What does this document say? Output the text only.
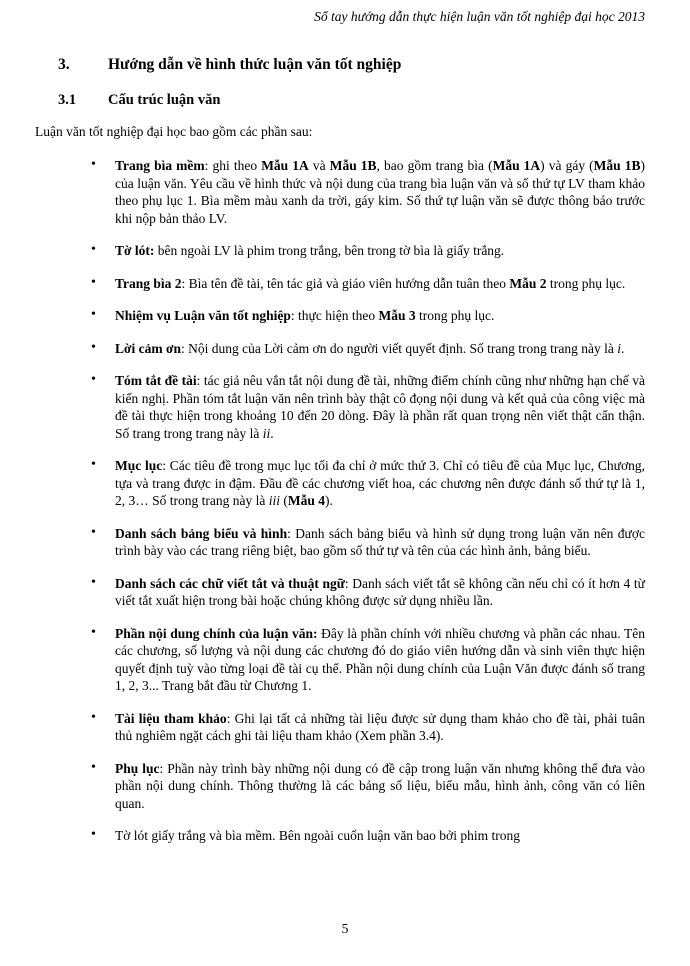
Sổ tay hướng dẫn thực hiện luận văn tốt nghiệp đại học 2013
3.	Hướng dẫn về hình thức luận văn tốt nghiệp
3.1	Cấu trúc luận văn

Luận văn tốt nghiệp đại học bao gồm các phần sau:

• Trang bìa mềm: ghi theo Mẫu 1A và Mẫu 1B, bao gồm trang bìa (Mẫu 1A) và gáy (Mẫu 1B) của luận văn. Yêu cầu về hình thức và nội dung của trang bìa luận văn và số thứ tự LV tham khảo theo phụ lục 1. Bìa mềm màu xanh da trời, gáy kim. Số thứ tự luận văn sẽ được thông báo trước khi nộp bản thảo LV.
• Tờ lót: bên ngoài LV là phim trong trắng, bên trong tờ bìa là giấy trắng.
• Trang bìa 2: Bìa tên đề tài, tên tác giả và giáo viên hướng dẫn tuân theo Mẫu 2 trong phụ lục.
• Nhiệm vụ Luận văn tốt nghiệp: thực hiện theo Mẫu 3 trong phụ lục.
• Lời cảm ơn: Nội dung của Lời cảm ơn do người viết quyết định. Số trang trong trang này là i.
• Tóm tắt đề tài: tác giả nêu vắn tắt nội dung đề tài, những điểm chính cũng như những hạn chế và kiến nghị. Phần tóm tắt luận văn nên trình bày thật cô đọng nội dung và kết quả của công việc mà đề tài thực hiện trong khoảng 10 đến 20 dòng. Đây là phần rất quan trọng nên viết thật cẩn thận. Số trang trong trang này là ii.
• Mục lục: Các tiêu đề trong mục lục tối đa chỉ ở mức thứ 3. Chỉ có tiêu đề của Mục lục, Chương, tựa và trang được in đậm. Đầu đề các chương viết hoa, các chương nên được đánh số thứ tự là 1, 2, 3… Số trong trang này là iii (Mẫu 4).
• Danh sách bảng biểu và hình: Danh sách bảng biểu và hình sử dụng trong luận văn nên được trình bày vào các trang riêng biệt, bao gồm số thứ tự và tên của các hình ảnh, bảng biểu.
• Danh sách các chữ viết tắt và thuật ngữ: Danh sách viết tắt sẽ không cần nếu chỉ có ít hơn 4 từ viết tắt xuất hiện trong bài hoặc chúng không được sử dụng nhiều lần.
• Phần nội dung chính của luận văn: Đây là phần chính với nhiều chương và phần các nhau. Tên các chương, số lượng và nội dung các chương đó do giáo viên hướng dẫn và sinh viên thực hiện quyết định tuỳ vào từng loại đề tài cụ thể. Phần nội dung chính của Luận Văn được đánh số trang 1, 2, 3... Trang bắt đầu từ Chương 1.
• Tài liệu tham khảo: Ghi lại tất cả những tài liệu được sử dụng tham khảo cho đề tài, phải tuân thủ nghiêm ngặt cách ghi tài liệu tham khảo (Xem phần 3.4).
• Phụ lục: Phần này trình bày những nội dung có đề cập trong luận văn nhưng không thể đưa vào phần nội dung chính. Thông thường là các bảng số liệu, biểu mẫu, hình ảnh, công văn có liên quan.
• Tờ lót giấy trắng và bìa mềm. Bên ngoài cuốn luận văn bao bởi phim trong
5
